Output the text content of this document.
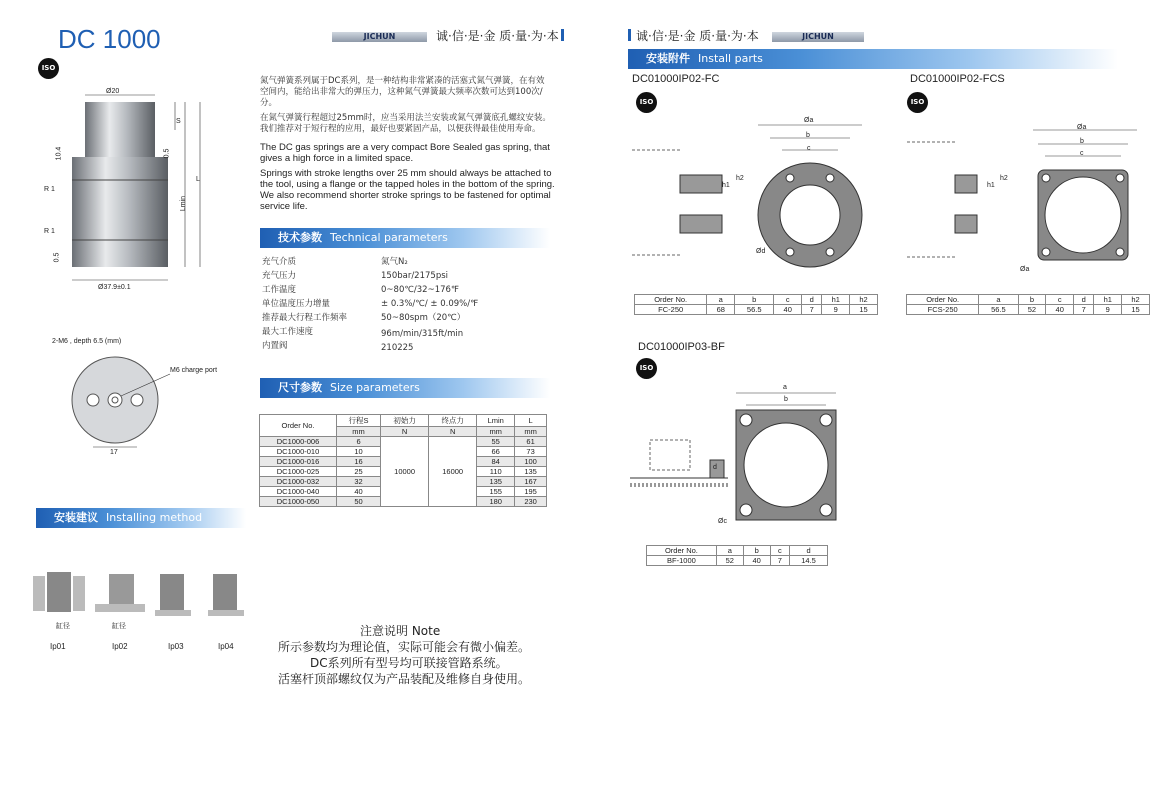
DC 1000
ISO
JICHUN	诚·信·是·金 质·量·为·本
氮气弹簧系列属于DC系列，是一种结构非常紧凑的活塞式氮气弹簧，在有效空间内，能给出非常大的弹压力，这种氮气弹簧最大频率次数可达到100次/分。
在氮气弹簧行程超过25mm时，应当采用法兰安装或氮气弹簧底孔螺纹安装。我们推荐对于短行程的应用，最好也要紧固产品，以便获得最佳使用寿命。
The DC gas springs are a very compact Bore Sealed gas spring, that gives a high force in a limited space.
Springs with stroke lengths over 25 mm should always be attached to the tool, using a flange or the tapped holes in the bottom of the spring. We also recommend shorter stroke springs to be fastened for optimal service life.
技术参数 Technical parameters
充气介质	氮气N₂
充气压力	150bar/2175psi
工作温度	0~80℃/32~176℉
单位温度压力增量	± 0.3%/℃/ ± 0.09%/℉
推荐最大行程工作频率	50~80spm（20℃）
最大工作速度	96m/min/315ft/min
内置阀	210225
尺寸参数 Size parameters
Order No.	行程S	初始力	终点力	Lmin	L
	mm	N	N	mm	mm
DC1000-006	6	10000	16000	55	61
DC1000-010	10			66	73
DC1000-016	16			84	100
DC1000-025	25			110	135
DC1000-032	32			135	167
DC1000-040	40			155	195
DC1000-050	50			180	230
Ø20
Ø37.9±0.1
R 1
R 1
10.4	0.5
0.5
S
Lmin
L
2-M6 , depth 6.5 (mm)
M6 charge port
17
安装建议 Installing method
缸径	缸径
Ip01	Ip02	Ip03	Ip04
注意说明 Note
所示参数均为理论值，实际可能会有微小偏差。
DC系列所有型号均可联接管路系统。
活塞杆顶部螺纹仅为产品装配及维修自身使用。
诚·信·是·金 质·量·为·本	JICHUN
安装附件 Install parts
DC01000IP02-FC
ISO
Øa
b
c
Ød
h1
h2
Order No.	a	b	c	d	h1	h2
FC-250	68	56.5	40	7	9	15
DC01000IP02-FCS
ISO
Øa
b
c
Øa
h1
h2
Order No.	a	b	c	d	h1	h2
FCS-250	56.5	52	40	7	9	15
DC01000IP03-BF
ISO
a
b
d
Øc
Order No.	a	b	c	d
BF-1000	52	40	7	14.5
